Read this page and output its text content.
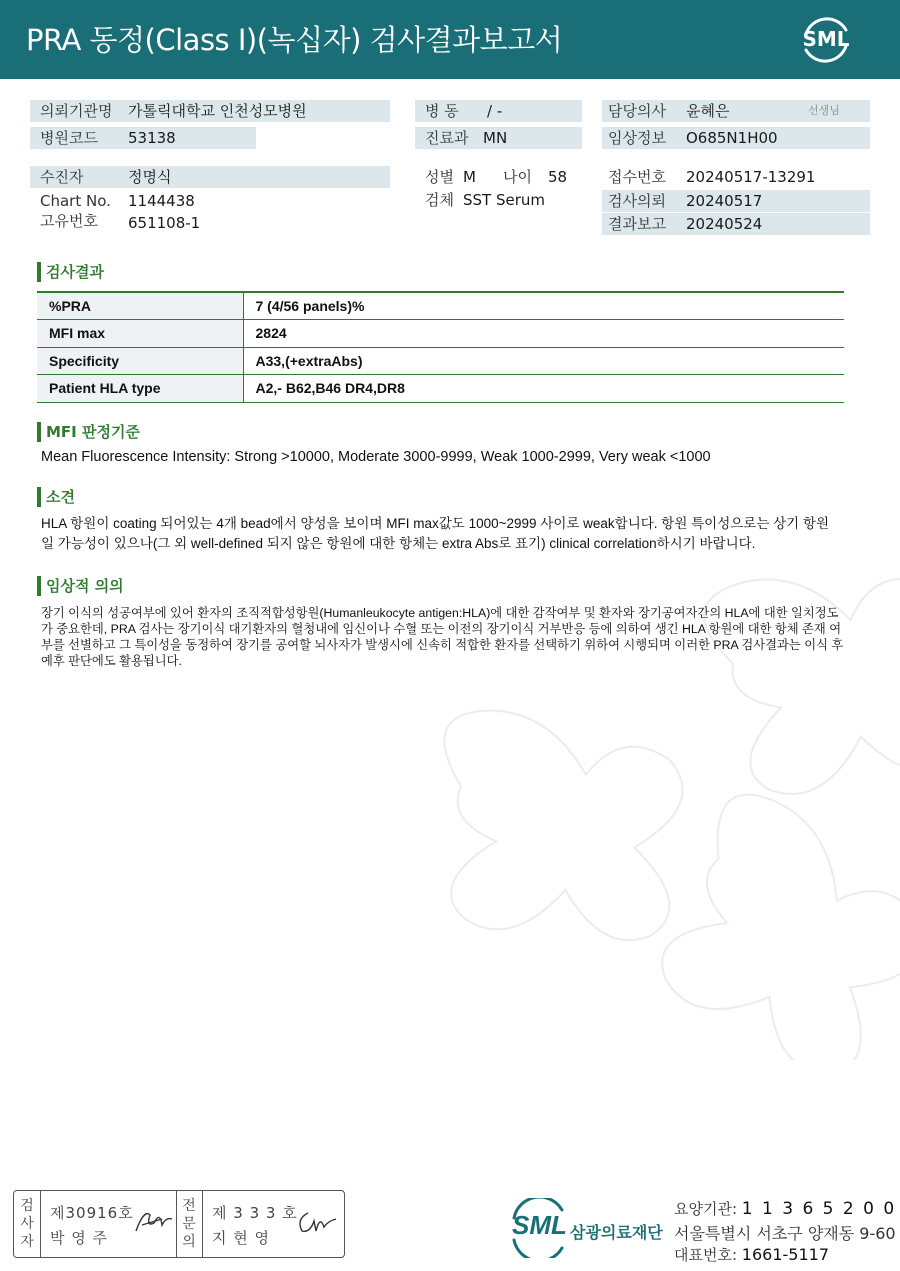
PRA 동정(Class I)(녹십자) 검사결과보고서	SML
의뢰기관명 가톨릭대학교 인천성모병원
병원코드 53138
병 동 / -
진료과 MN
담당의사 윤혜은	선생님
임상정보 O685N1H00
수진자	정명식
Chart No. 1144438
고유번호 651108-1
성별 M 나이 58
검체 SST Serum
접수번호 20240517-13291
검사의뢰 20240517
결과보고 20240524
검사결과
%PRA	7 (4/56 panels)%
MFI max	2824
Specificity	A33,(+extraAbs)
Patient HLA type	A2,- B62,B46 DR4,DR8
MFI 판정기준
Mean Fluorescence Intensity: Strong >10000, Moderate 3000-9999, Weak 1000-2999, Very weak <1000
소견
HLA 항원이 coating 되어있는 4개 bead에서 양성을 보이며 MFI max값도 1000~2999 사이로 weak합니다. 항원 특이성으로는 상기 항원일 가능성이 있으나(그 외 well-defined 되지 않은 항원에 대한 항체는 extra Abs로 표기) clinical correlation하시기 바랍니다.
임상적 의의
장기 이식의 성공여부에 있어 환자의 조직적합성항원(Humanleukocyte antigen:HLA)에 대한 감작여부 및 환자와 장기공여자간의 HLA에 대한 일치정도가 중요한데, PRA 검사는 장기이식 대기환자의 혈청내에 임신이나 수혈 또는 이전의 장기이식 거부반응 등에 의하여 생긴 HLA 항원에 대한 항체 존재 여부를 선별하고 그 특이성을 동정하여 장기를 공여할 뇌사자가 발생시에 신속히 적합한 환자를 선택하기 위하여 시행되며 이러한 PRA 검사결과는 이식 후 예후 판단에도 활용됩니다.
검
사
자
제30916호
박 영 주
전
문
의
제 3 3 3 호
지 현 영	SML 삼광의료재단
요양기관: 1 1 3 6 5 2 0 0
서울특별시 서초구 양재동 9-60
대표번호: 1661-5117
